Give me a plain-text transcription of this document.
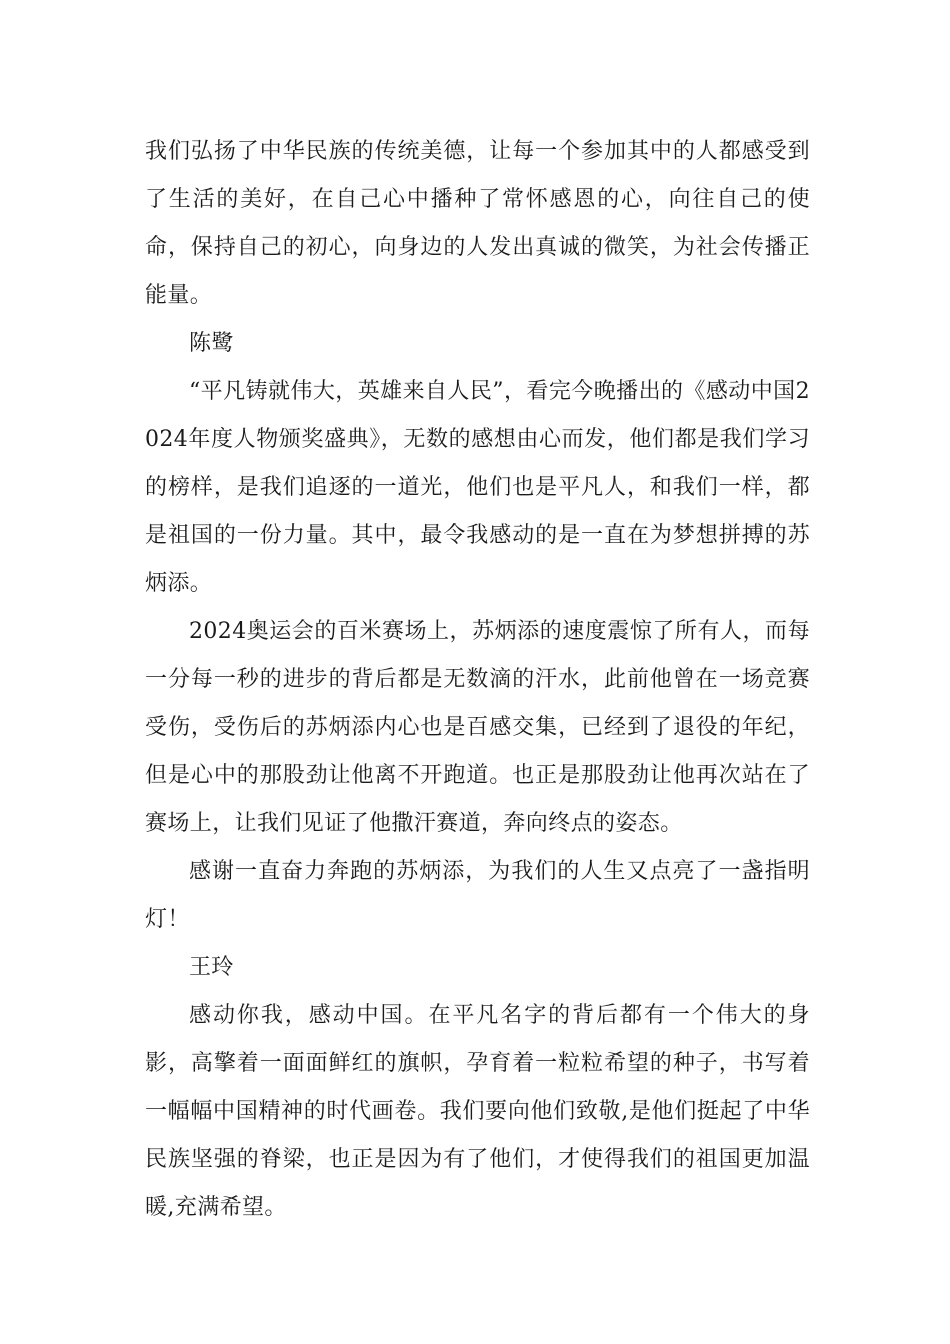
我们弘扬了中华民族的传统美德，让每一个参加其中的人都感受到了生活的美好，在自己心中播种了常怀感恩的心，向往自己的使命，保持自己的初心，向身边的人发出真诚的微笑，为社会传播正能量。

陈鹭

“平凡铸就伟大，英雄来自人民”，看完今晚播出的《感动中国2024年度人物颁奖盛典》，无数的感想由心而发，他们都是我们学习的榜样，是我们追逐的一道光，他们也是平凡人，和我们一样，都是祖国的一份力量。其中，最令我感动的是一直在为梦想拼搏的苏炳添。

2024奥运会的百米赛场上，苏炳添的速度震惊了所有人，而每一分每一秒的进步的背后都是无数滴的汗水，此前他曾在一场竞赛受伤，受伤后的苏炳添内心也是百感交集，已经到了退役的年纪，但是心中的那股劲让他离不开跑道。也正是那股劲让他再次站在了赛场上，让我们见证了他撒汗赛道，奔向终点的姿态。

感谢一直奋力奔跑的苏炳添，为我们的人生又点亮了一盏指明灯！

王玲

感动你我，感动中国。在平凡名字的背后都有一个伟大的身影，高擎着一面面鲜红的旗帜，孕育着一粒粒希望的种子，书写着一幅幅中国精神的时代画卷。我们要向他们致敬,是他们挺起了中华民族坚强的脊梁，也正是因为有了他们，才使得我们的祖国更加温暖,充满希望。
